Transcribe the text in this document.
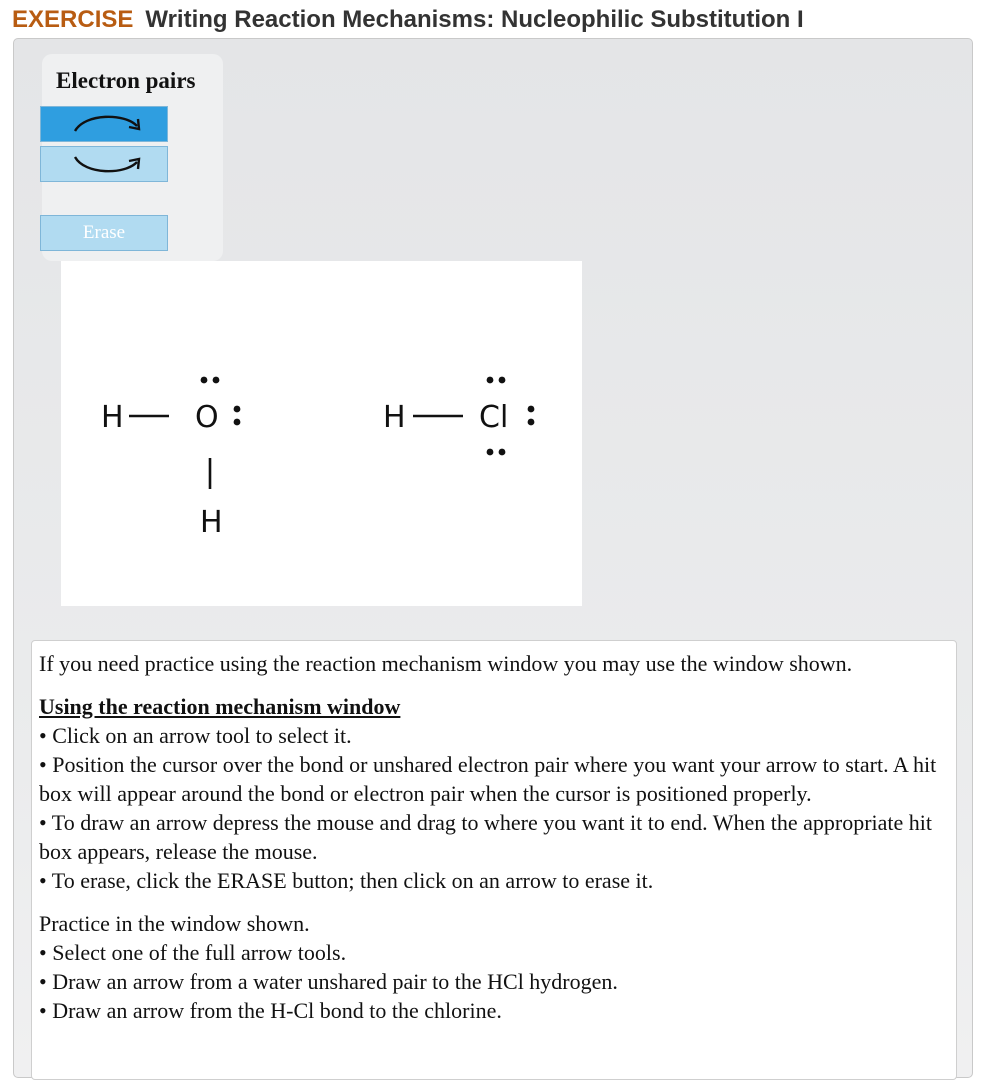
EXERCISE Writing Reaction Mechanisms: Nucleophilic Substitution I
Electron pairs
Erase
H O
H
H Cl

If you need practice using the reaction mechanism window you may use the window shown.

Using the reaction mechanism window

• Click on an arrow tool to select it.

• Position the cursor over the bond or unshared electron pair where you want your arrow to start. A hit box will appear around the bond or electron pair when the cursor is positioned properly.

• To draw an arrow depress the mouse and drag to where you want it to end. When the appropriate hit box appears, release the mouse.

• To erase, click the ERASE button; then click on an arrow to erase it.

Practice in the window shown.

• Select one of the full arrow tools.

• Draw an arrow from a water unshared pair to the HCl hydrogen.

• Draw an arrow from the H-Cl bond to the chlorine.
